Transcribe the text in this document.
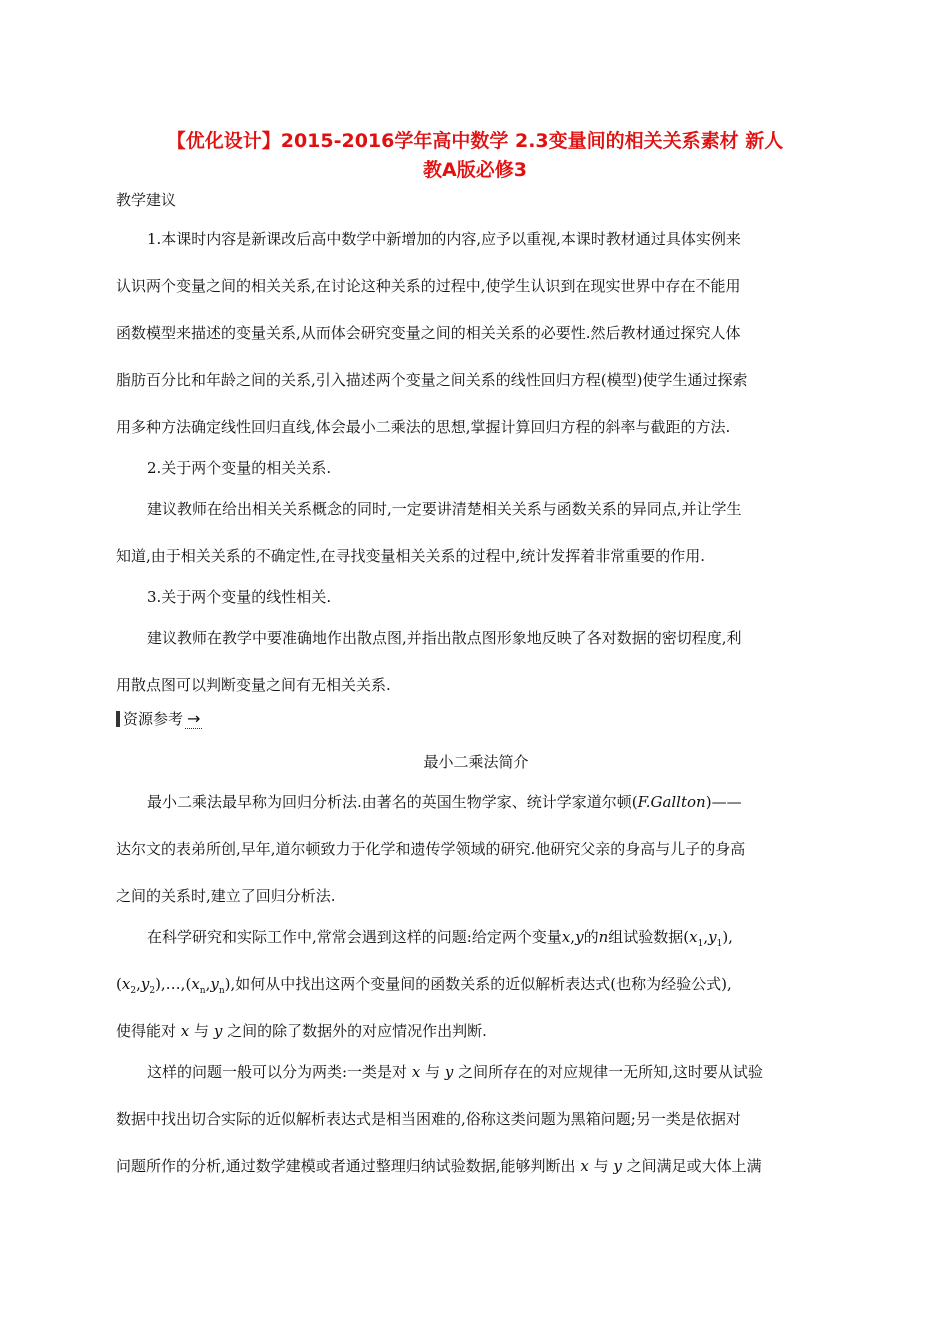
【优化设计】2015-2016学年高中数学 2.3变量间的相关关系素材 新人
教A版必修3
教学建议
1.本课时内容是新课改后高中数学中新增加的内容,应予以重视,本课时教材通过具体实例来
认识两个变量之间的相关关系,在讨论这种关系的过程中,使学生认识到在现实世界中存在不能用
函数模型来描述的变量关系,从而体会研究变量之间的相关关系的必要性.然后教材通过探究人体
脂肪百分比和年龄之间的关系,引入描述两个变量之间关系的线性回归方程(模型)使学生通过探索
用多种方法确定线性回归直线,体会最小二乘法的思想,掌握计算回归方程的斜率与截距的方法.
2.关于两个变量的相关关系.
建议教师在给出相关关系概念的同时,一定要讲清楚相关关系与函数关系的异同点,并让学生
知道,由于相关关系的不确定性,在寻找变量相关关系的过程中,统计发挥着非常重要的作用.
3.关于两个变量的线性相关.
建议教师在教学中要准确地作出散点图,并指出散点图形象地反映了各对数据的密切程度,利
用散点图可以判断变量之间有无相关关系.
资源参考 →
最小二乘法简介
最小二乘法最早称为回归分析法.由著名的英国生物学家、统计学家道尔顿(F.Gallton)——
达尔文的表弟所创,早年,道尔顿致力于化学和遗传学领域的研究.他研究父亲的身高与儿子的身高
之间的关系时,建立了回归分析法.
在科学研究和实际工作中,常常会遇到这样的问题:给定两个变量x,y的n组试验数据$(x_1,y_1)$,
$(x_2,y_2),\dots,(x_n,y_n)$,如何从中找出这两个变量间的函数关系的近似解析表达式(也称为经验公式),
使得能对 x 与 y 之间的除了数据外的对应情况作出判断.
这样的问题一般可以分为两类:一类是对 x 与 y 之间所存在的对应规律一无所知,这时要从试验
数据中找出切合实际的近似解析表达式是相当困难的,俗称这类问题为黑箱问题;另一类是依据对
问题所作的分析,通过数学建模或者通过整理归纳试验数据,能够判断出 x 与 y 之间满足或大体上满
